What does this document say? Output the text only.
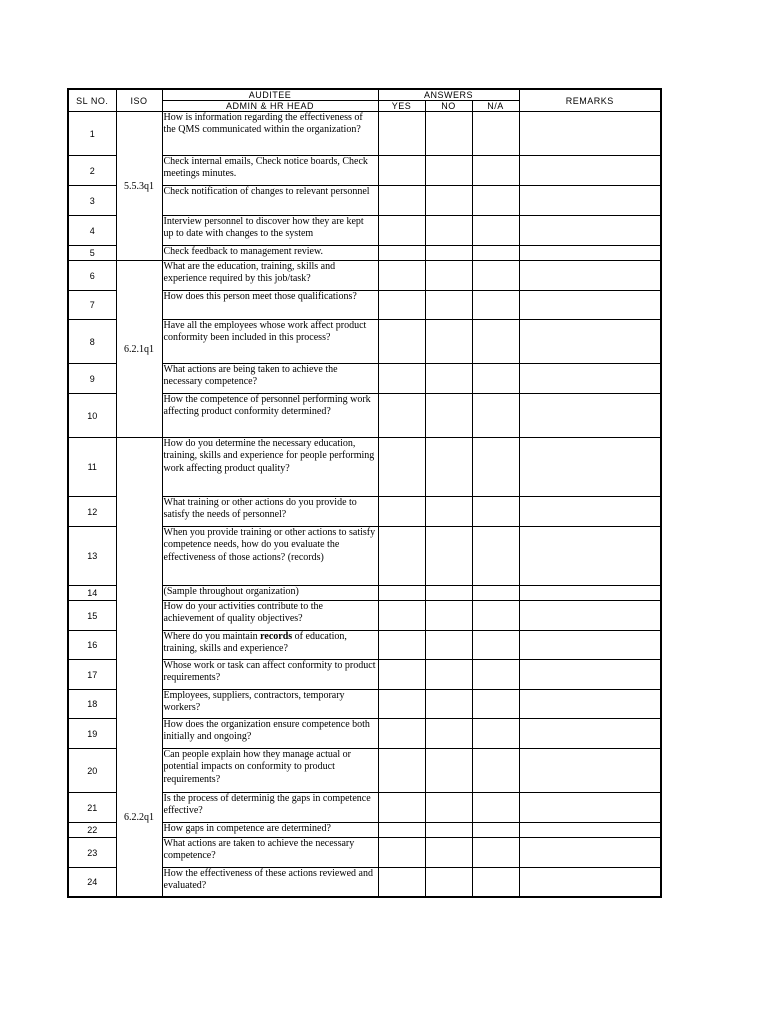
SL NO.	ISO	AUDITEE	ANSWERS			REMARKS
		ADMIN & HR HEAD	YES	NO	N/A	
1	5.5.3q1	How is information regarding the effectiveness of the QMS communicated within the organization?				
2		Check internal emails, Check notice boards, Check meetings minutes.				
3		Check notification of changes to relevant personnel				
4		Interview personnel to discover how they are kept up to date with changes to the system				
5		Check feedback to management review.				
6	6.2.1q1	What are the education, training, skills and experience required by this job/task?				
7		How does this person meet those qualifications?				
8		Have all the employees whose work affect product conformity been included in this process?				
9		What actions are being taken to achieve the necessary competence?				
10		How the competence of personnel performing work affecting product conformity determined?				
11	6.2.2q1	How do you determine the necessary education, training, skills and experience for people performing work affecting product quality?				
12		What training or other actions do you provide to satisfy the needs of personnel?				
13		When you provide training or other actions to satisfy competence needs, how do you evaluate the effectiveness of those actions? (records)				
14		(Sample throughout organization)				
15		How do your activities contribute to the achievement of quality objectives?				
16		Where do you maintain records of education, training, skills and experience?				
17		Whose work or task can affect conformity to product requirements?				
18		Employees, suppliers, contractors, temporary workers?				
19		How does the organization ensure competence both initially and ongoing?				
20		Can people explain how they manage actual or potential impacts on conformity to product requirements?				
21		Is the process of determinig the gaps in competence effective?				
22		How gaps in competence are determined?				
23		What actions are taken to achieve the necessary competence?				
24		How the effectiveness of these actions reviewed and evaluated?				
